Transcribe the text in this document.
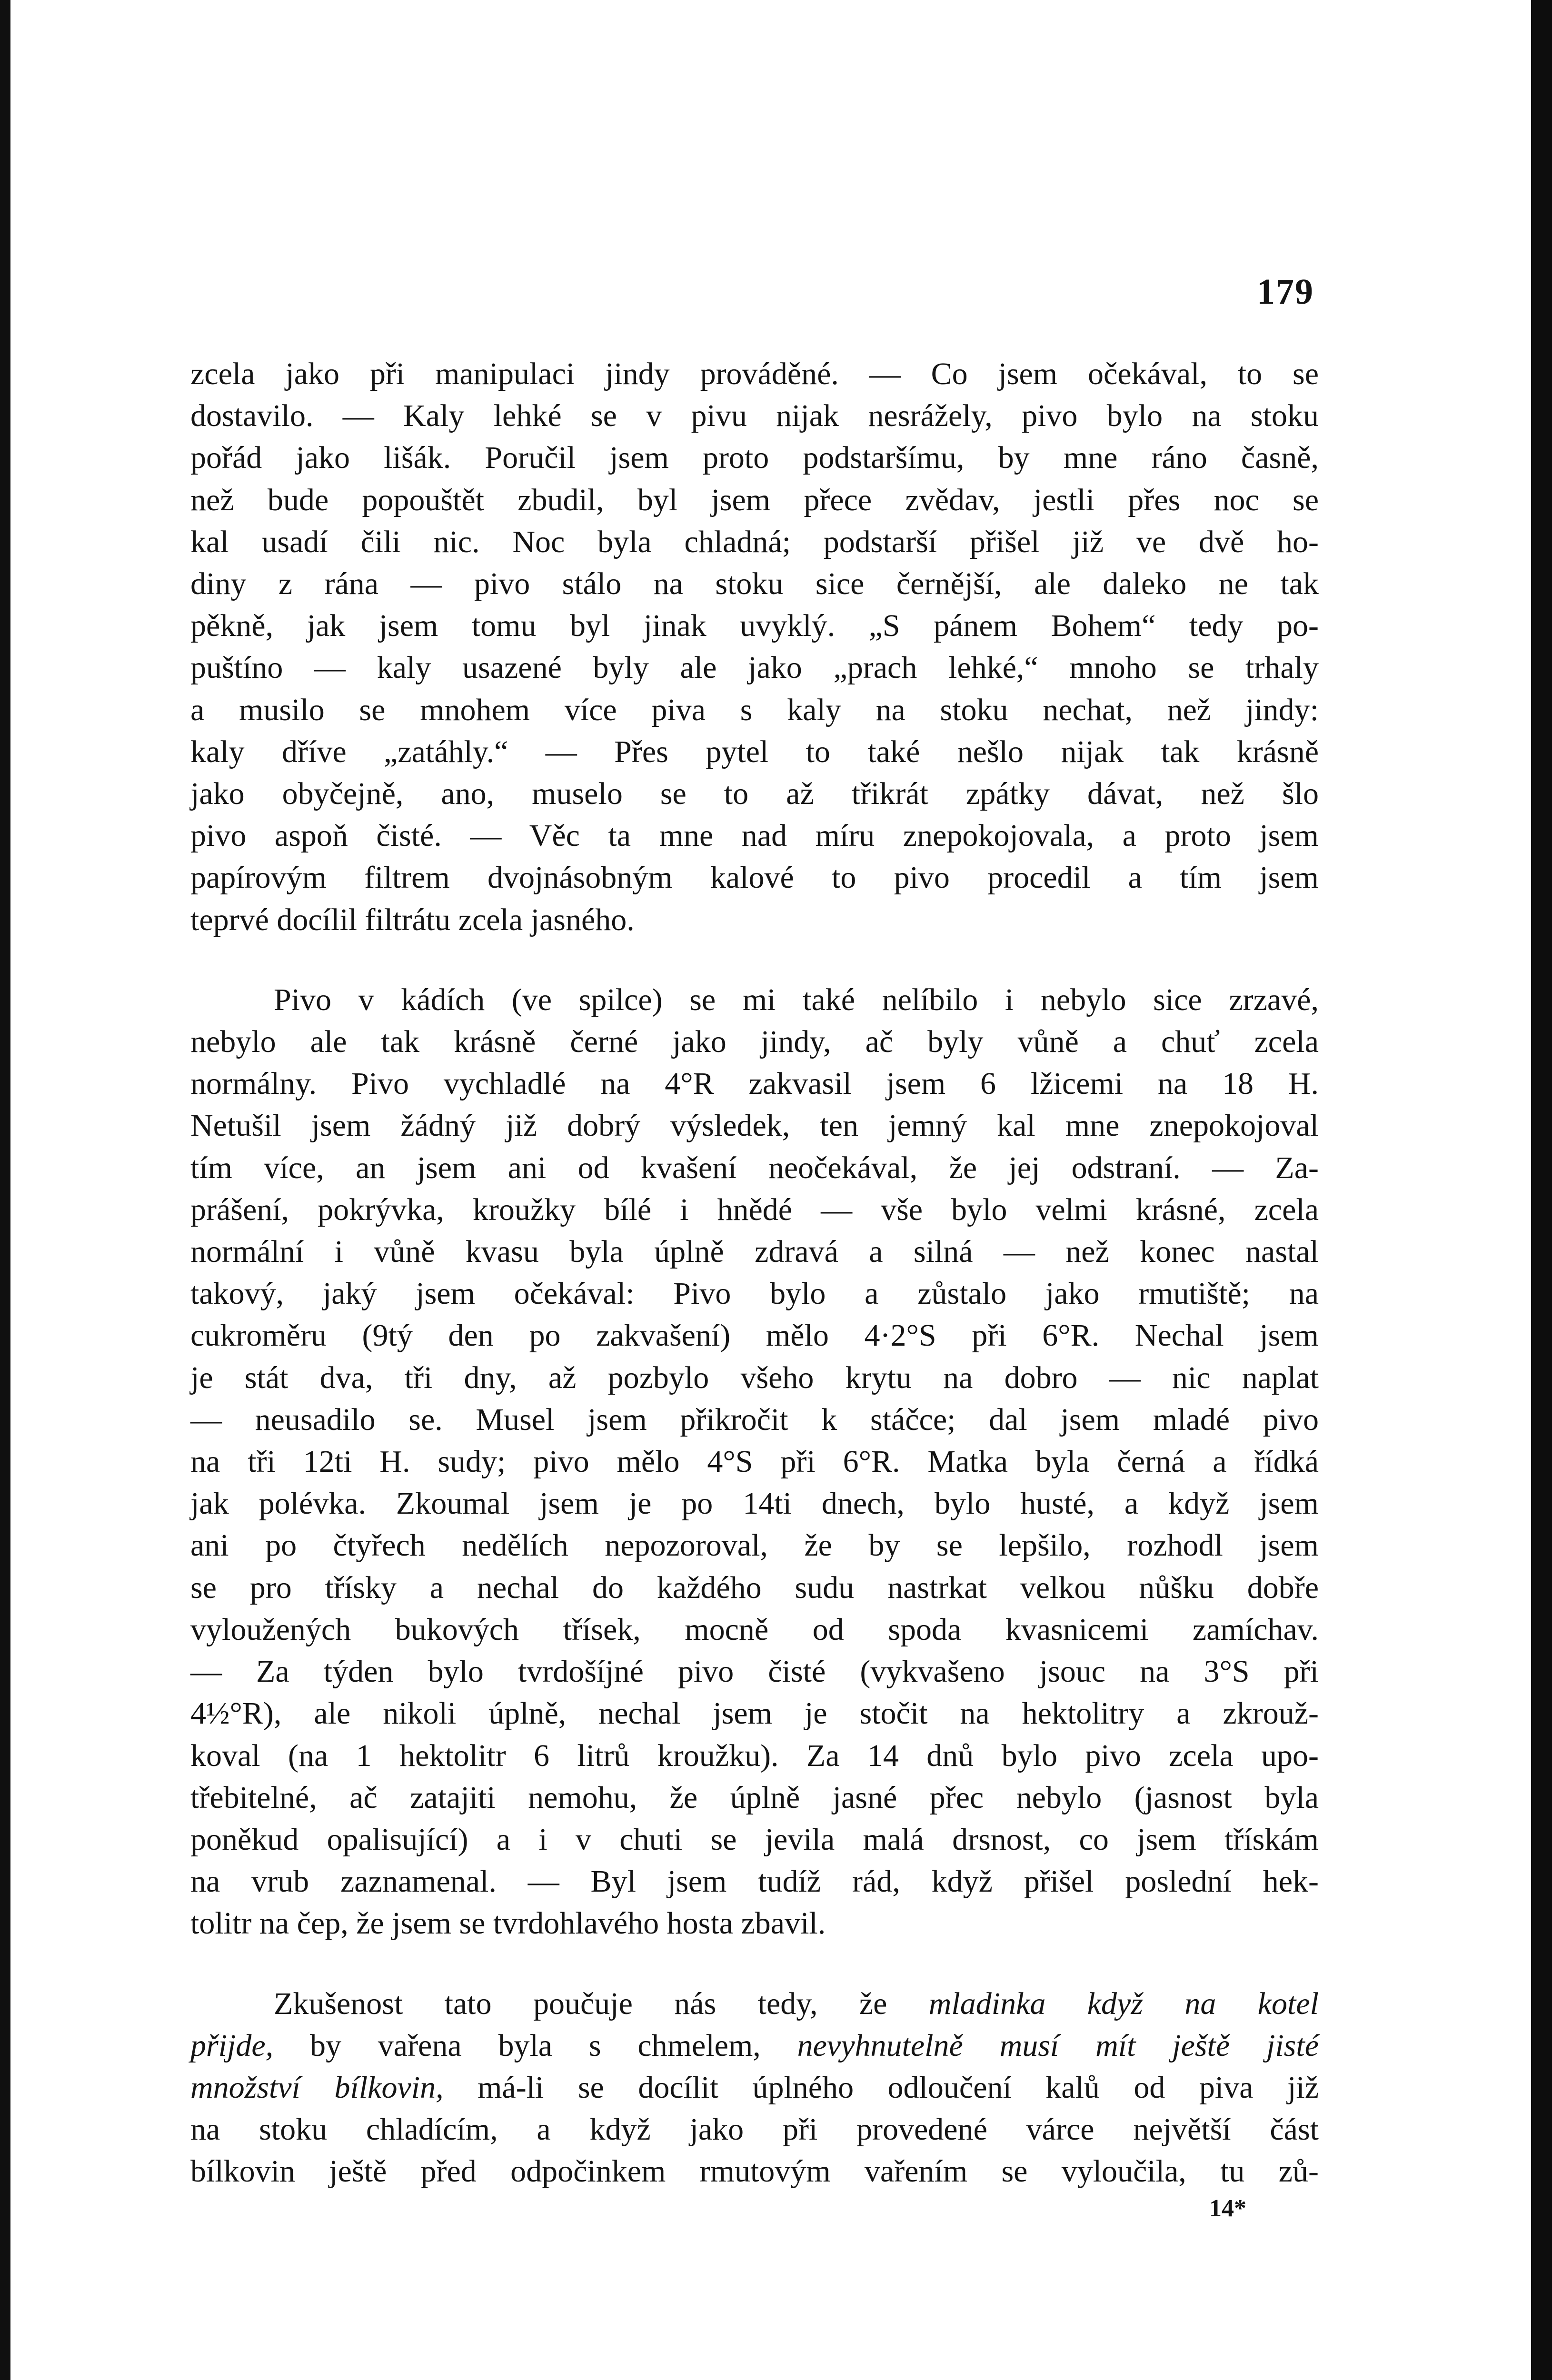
179

zcela jako při manipulaci jindy prováděné. — Co jsem očekával, to se
dostavilo. — Kaly lehké se v pivu nijak nesrážely, pivo bylo na stoku
pořád jako lišák. Poručil jsem proto podstaršímu, by mne ráno časně,
než bude popouštět zbudil, byl jsem přece zvědav, jestli přes noc se
kal usadí čili nic. Noc byla chladná; podstarší přišel již ve dvě ho-
diny z rána — pivo stálo na stoku sice černější, ale daleko ne tak
pěkně, jak jsem tomu byl jinak uvyklý. „S pánem Bohem“ tedy po-
puštíno — kaly usazené byly ale jako „prach lehké,“ mnoho se trhaly
a musilo se mnohem více piva s kaly na stoku nechat, než jindy:
kaly dříve „zatáhly.“ — Přes pytel to také nešlo nijak tak krásně
jako obyčejně, ano, muselo se to až třikrát zpátky dávat, než šlo
pivo aspoň čisté. — Věc ta mne nad míru znepokojovala, a proto jsem
papírovým filtrem dvojnásobným kalové to pivo procedil a tím jsem
teprvé docílil filtrátu zcela jasného.

Pivo v kádích (ve spilce) se mi také nelíbilo i nebylo sice zrzavé,
nebylo ale tak krásně černé jako jindy, ač byly vůně a chuť zcela
normálny. Pivo vychladlé na 4°R zakvasil jsem 6 lžicemi na 18 H.
Netušil jsem žádný již dobrý výsledek, ten jemný kal mne znepokojoval
tím více, an jsem ani od kvašení neočekával, že jej odstraní. — Za-
prášení, pokrývka, kroužky bílé i hnědé — vše bylo velmi krásné, zcela
normální i vůně kvasu byla úplně zdravá a silná — než konec nastal
takový, jaký jsem očekával: Pivo bylo a zůstalo jako rmutiště; na
cukroměru (9tý den po zakvašení) mělo 4·2°S při 6°R. Nechal jsem
je stát dva, tři dny, až pozbylo všeho krytu na dobro — nic naplat
— neusadilo se. Musel jsem přikročit k stáčce; dal jsem mladé pivo
na tři 12ti H. sudy; pivo mělo 4°S při 6°R. Matka byla černá a řídká
jak polévka. Zkoumal jsem je po 14ti dnech, bylo husté, a když jsem
ani po čtyřech nedělích nepozoroval, že by se lepšilo, rozhodl jsem
se pro třísky a nechal do každého sudu nastrkat velkou nůšku dobře
vyloužených bukových třísek, mocně od spoda kvasnicemi zamíchav.
— Za týden bylo tvrdošíjné pivo čisté (vykvašeno jsouc na 3°S při
4½°R), ale nikoli úplně, nechal jsem je stočit na hektolitry a zkrouž-
koval (na 1 hektolitr 6 litrů kroužku). Za 14 dnů bylo pivo zcela upo-
třebitelné, ač zatajiti nemohu, že úplně jasné přec nebylo (jasnost byla
poněkud opalisující) a i v chuti se jevila malá drsnost, co jsem třískám
na vrub zaznamenal. — Byl jsem tudíž rád, když přišel poslední hek-
tolitr na čep, že jsem se tvrdohlavého hosta zbavil.

Zkušenost tato poučuje nás tedy, že mladinka když na kotel
přijde, by vařena byla s chmelem, nevyhnutelně musí mít ještě jisté
množství bílkovin, má-li se docílit úplného odloučení kalů od piva již
na stoku chladícím, a když jako při provedené várce největší část
bílkovin ještě před odpočinkem rmutovým vařením se vyloučila, tu zů-

14*
